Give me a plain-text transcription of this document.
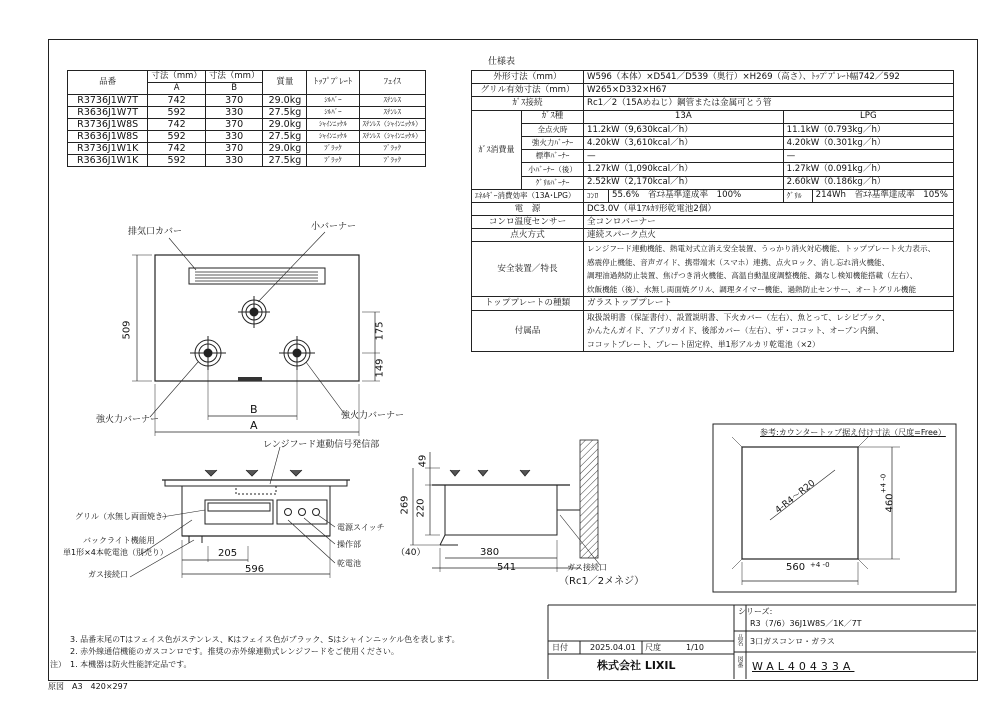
品番	寸法（mm）	寸法（mm）	質量	ﾄｯﾌﾟﾌﾟﾚｰﾄ	ﾌｪｲｽ
	A	B			
R3736J1W7T	742	370	29.0kg	ｼﾙﾊﾞｰ	ｽﾃﾝﾚｽ
R3636J1W7T	592	330	27.5kg	ｼﾙﾊﾞｰ	ｽﾃﾝﾚｽ
R3736J1W8S	742	370	29.0kg	ｼｬｲﾝﾆｯｹﾙ	ｽﾃﾝﾚｽ（ｼｬｲﾝﾆｯｹﾙ）
R3636J1W8S	592	330	27.5kg	ｼｬｲﾝﾆｯｹﾙ	ｽﾃﾝﾚｽ（ｼｬｲﾝﾆｯｹﾙ）
R3736J1W1K	742	370	29.0kg	ﾌﾞﾗｯｸ	ﾌﾞﾗｯｸ
R3636J1W1K	592	330	27.5kg	ﾌﾞﾗｯｸ	ﾌﾞﾗｯｸ
仕様表
外形寸法（mm）		W596（本体）×D541／D539（奥行）×H269（高さ）、ﾄｯﾌﾟﾌﾟﾚｰﾄ幅742／592			
グリル有効寸法（mm）		W265×D332×H67			
ｶﾞｽ接続		Rc1／2（15Aめねじ）鋼管または金属可とう管			
ｶﾞｽ消費量	ｶﾞｽ種	13A		LPG	
	全点火時	11.2kW（9,630kcal／h）		11.1kW（0.793kg／h）	
	強火力ﾊﾞｰﾅｰ	4.20kW（3,610kcal／h）		4.20kW（0.301kg／h）	
	標準ﾊﾞｰﾅｰ	—		—	
	小ﾊﾞｰﾅｰ（後）	1.27kW（1,090kcal／h）		1.27kW（0.091kg／h）	
	ｸﾞﾘﾙﾊﾞｰﾅｰ	2.52kW（2,170kcal／h）		2.60kW（0.186kg／h）	
ｴﾈﾙｷﾞｰ消費効率（13A･LPG）		ｺﾝﾛ	55.6%　省ｴﾈ基準達成率　100%	ｸﾞﾘﾙ	214Wh　省ｴﾈ基準達成率　105%
電　源		DC3.0V（単1ｱﾙｶﾘ形乾電池2個）			
コンロ温度センサー		全コンロバーナー			
点火方式		連続スパーク点火			
安全装置／特長		レンジフード連動機能、熱電対式立消え安全装置、うっかり消火対応機能、トッププレート火力表示、
感震停止機能、音声ガイド、携帯端末（スマホ）連携、点火ロック、消し忘れ消火機能、
調理油過熱防止装置、焦げつき消火機能、高温自動温度調整機能、鍋なし検知機能搭載（左右）、
炊飯機能（後）、水無し両面焼グリル、調理タイマー機能、過熱防止センサー、オートグリル機能			

トッププレートの種類		ガラストッププレート			
付属品		取扱説明書（保証書付）、設置説明書、下火カバー（左右）、魚とって、レシピブック、
かんたんガイド、アプリガイド、後部カバー（左右）、ザ・ココット、オーブン内網、
ココットプレート、プレート固定枠、単1形アルカリ乾電池（×2）			
排気口カバー	小バーナー
509	175
149
B
A
強火力バーナー	強火力バーナー
レンジフード連動信号発信部
グリル（水無し両面焼き）
バックライト機能用
単1形×4本乾電池（別売り）
ガス接続口
電源スイッチ
操作部
乾電池
205
596
49
269 220
（40）	380
541	ガス接続口
（Rc1／2メネジ）
参考:カウンタートップ据え付け寸法（尺度=Free）
4-R4～R20	460
+4 -0
560 +4 -0
3. 品番末尾のTはフェイス色がステンレス、Kはフェイス色がブラック、Sはシャインニッケル色を表します。
2. 赤外線通信機能のガスコンロです。推奨の赤外線連動式レンジフードをご使用ください。
注） 1. 本機器は防火性能評定品です。
原図　A3　420×297
日付	2025.04.01 尺度	1/10
株式会社 LIXIL
シリーズ:
R3（7/6）36J1W8S／1K／7T
品名 3口ガスコンロ・ガラス
図番 WAL40433A
